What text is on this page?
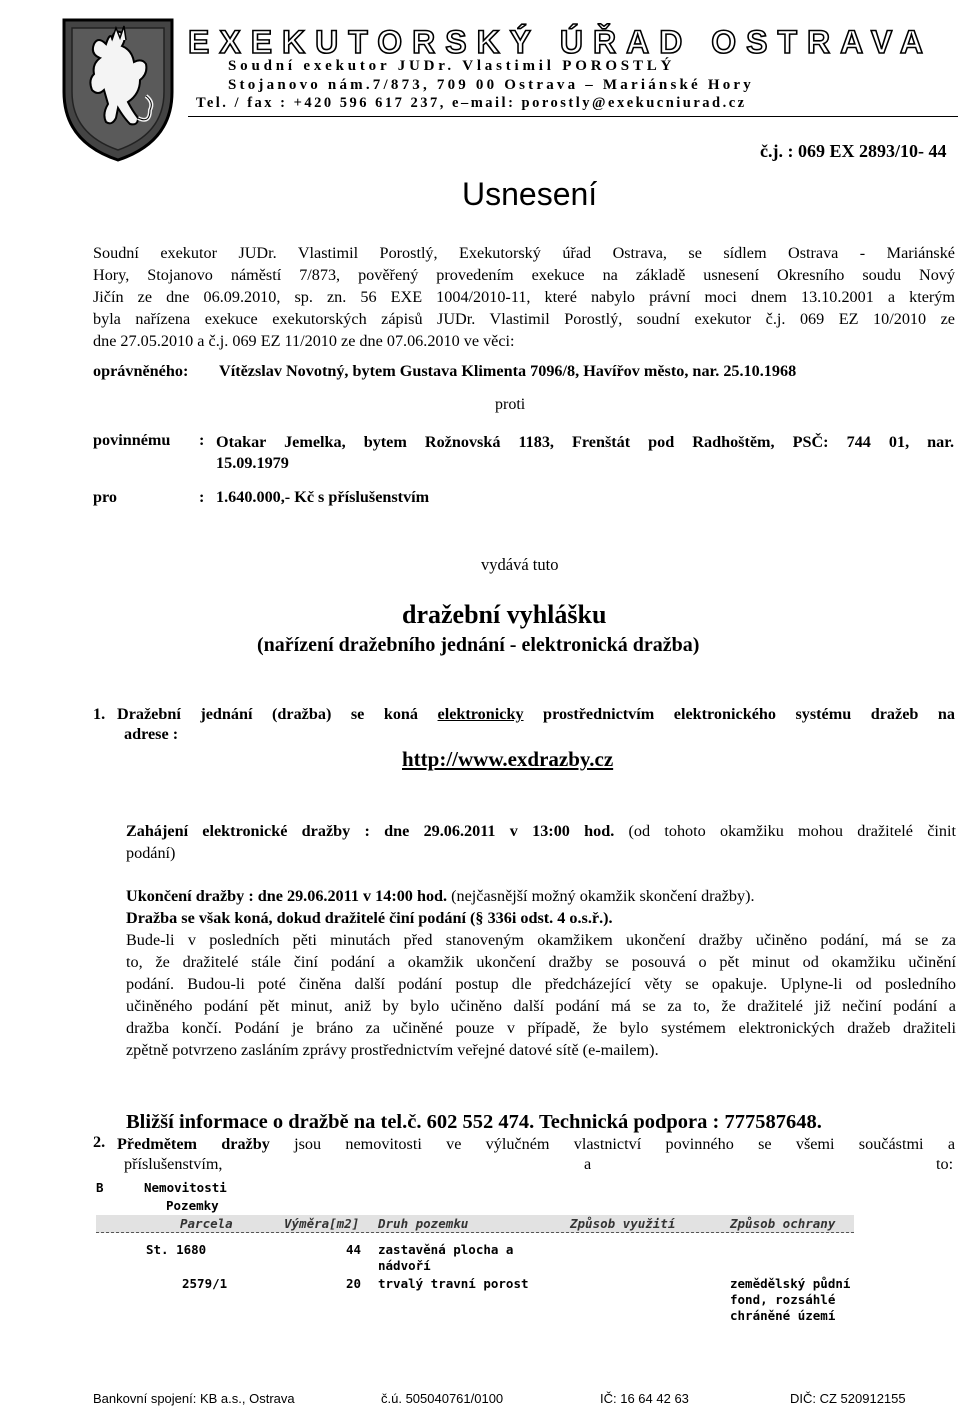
EXEKUTORSKÝ ÚŘAD OSTRAVA
Soudní exekutor JUDr. Vlastimil POROSTLÝ
Stojanovo nám.7/873, 709 00 Ostrava – Mariánské Hory
Tel. / fax : +420 596 617 237, e–mail: porostly@exekucniurad.cz
č.j. : 069 EX 2893/10- 44
Usnesení
Soudní exekutor JUDr. Vlastimil Porostlý, Exekutorský úřad Ostrava, se sídlem Ostrava - Mariánské
Hory, Stojanovo náměstí 7/873, pověřený provedením exekuce na základě usnesení Okresního soudu Nový
Jičín ze dne 06.09.2010, sp. zn. 56 EXE 1004/2010-11, které nabylo právní moci dnem 13.10.2001 a kterým
byla nařízena exekuce exekutorských zápisů JUDr. Vlastimil Porostlý, soudní exekutor č.j. 069 EZ 10/2010 ze
dne 27.05.2010 a č.j. 069 EZ 11/2010 ze dne 07.06.2010 ve věci:
oprávněného: Vítězslav Novotný, bytem Gustava Klimenta 7096/8, Havířov město, nar. 25.10.1968
proti
povinnému : Otakar Jemelka, bytem Rožnovská 1183, Frenštát pod Radhoštěm, PSČ: 744 01, nar.
15.09.1979
pro	: 1.640.000,- Kč s příslušenstvím
vydává tuto
dražební vyhlášku
(nařízení dražebního jednání - elektronická dražba)
1. Dražební jednání (dražba) se koná elektronicky prostřednictvím elektronického systému dražeb na
adrese :
http://www.exdrazby.cz
Zahájení elektronické dražby : dne 29.06.2011 v 13:00 hod. (od tohoto okamžiku mohou dražitelé činit
podání)
Ukončení dražby : dne 29.06.2011 v 14:00 hod. (nejčasnější možný okamžik skončení dražby).
Dražba se však koná, dokud dražitelé činí podání (§ 336i odst. 4 o.s.ř.).
Bude-li v posledních pěti minutách před stanoveným okamžikem ukončení dražby učiněno podání, má se za
to, že dražitelé stále činí podání a okamžik ukončení dražby se posouvá o pět minut od okamžiku učinění
podání. Budou-li poté činěna další podání postup dle předcházející věty se opakuje. Uplyne-li od posledního
učiněného podání pět minut, aniž by bylo učiněno další podání má se za to, že dražitelé již nečiní podání a
dražba končí. Podání je bráno za učiněné pouze v případě, že bylo systémem elektronických dražeb dražiteli
zpětně potvrzeno zasláním zprávy prostřednictvím veřejné datové sítě (e-mailem).
Bližší informace o dražbě na tel.č. 602 552 474. Technická podpora : 777587648.
2. Předmětem dražby jsou nemovitosti ve výlučném vlastnictví povinného se všemi součástmi a
příslušenstvím,	a	to:
B	Nemovitosti
Pozemky
Parcela	Výměra[m2] Druh pozemku	Způsob využití	Způsob ochrany
St. 1680	44 zastavěná plocha a
nádvoří
2579/1	20 trvalý travní porost	zemědělský půdní
fond, rozsáhlé
chráněné území
Bankovní spojení: KB a.s., Ostrava	č.ú. 505040761/0100	IČ: 16 64 42 63	DIČ: CZ 520912155
